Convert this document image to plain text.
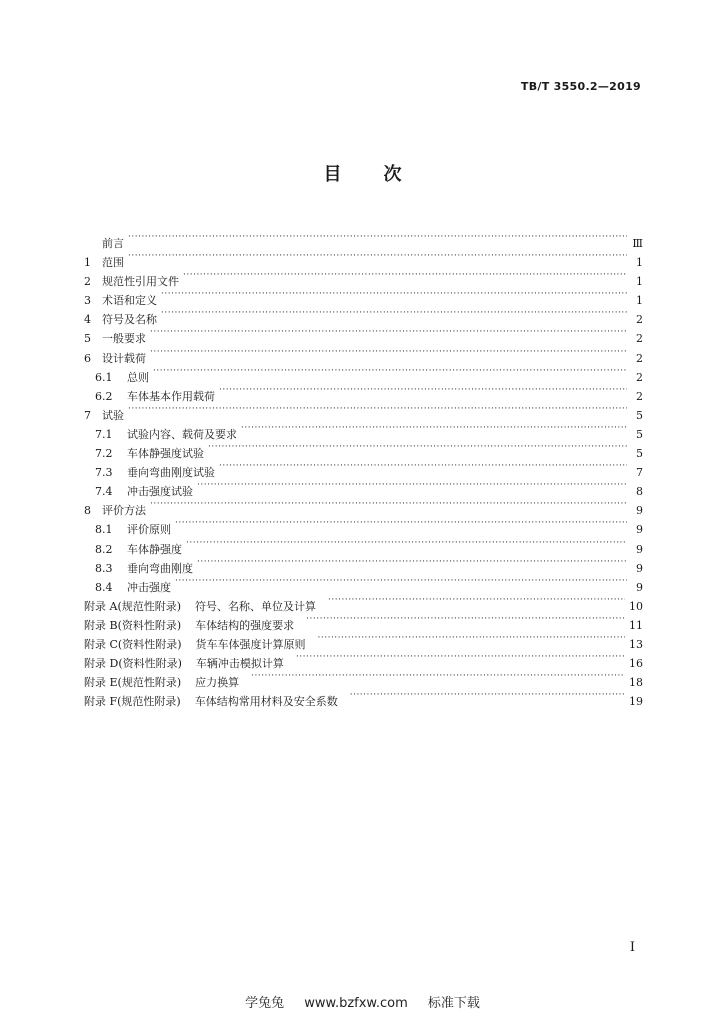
TB/T 3550.2—2019
目 次
前言 ·····	Ⅲ
1	范围 ·····	1
2	规范性引用文件 ·····	1
3	术语和定义 ·····	1
4	符号及名称 ·····	2
5	一般要求 ·····	2
6	设计载荷 ·····	2
6.1	总则 ·····	2
6.2	车体基本作用载荷 ·····	2
7	试验 ·····	5
7.1	试验内容、载荷及要求 ·····	5
7.2	车体静强度试验 ·····	5
7.3	垂向弯曲刚度试验 ·····	7
7.4	冲击强度试验 ·····	8
8	评价方法 ·····	9
8.1	评价原则 ·····	9
8.2	车体静强度 ·····	9
8.3	垂向弯曲刚度 ·····	9
8.4	冲击强度 ·····	9
附录 A(规范性附录)	符号、名称、单位及计算 ·····	10
附录 B(资料性附录)	车体结构的强度要求 ·····	11
附录 C(资料性附录)	货车车体强度计算原则 ·····	13
附录 D(资料性附录)	车辆冲击模拟计算 ·····	16
附录 E(规范性附录)	应力换算 ·····	18
附录 F(规范性附录)	车体结构常用材料及安全系数 ·····	19
I
学兔兔 www.bzfxw.com 标准下载
